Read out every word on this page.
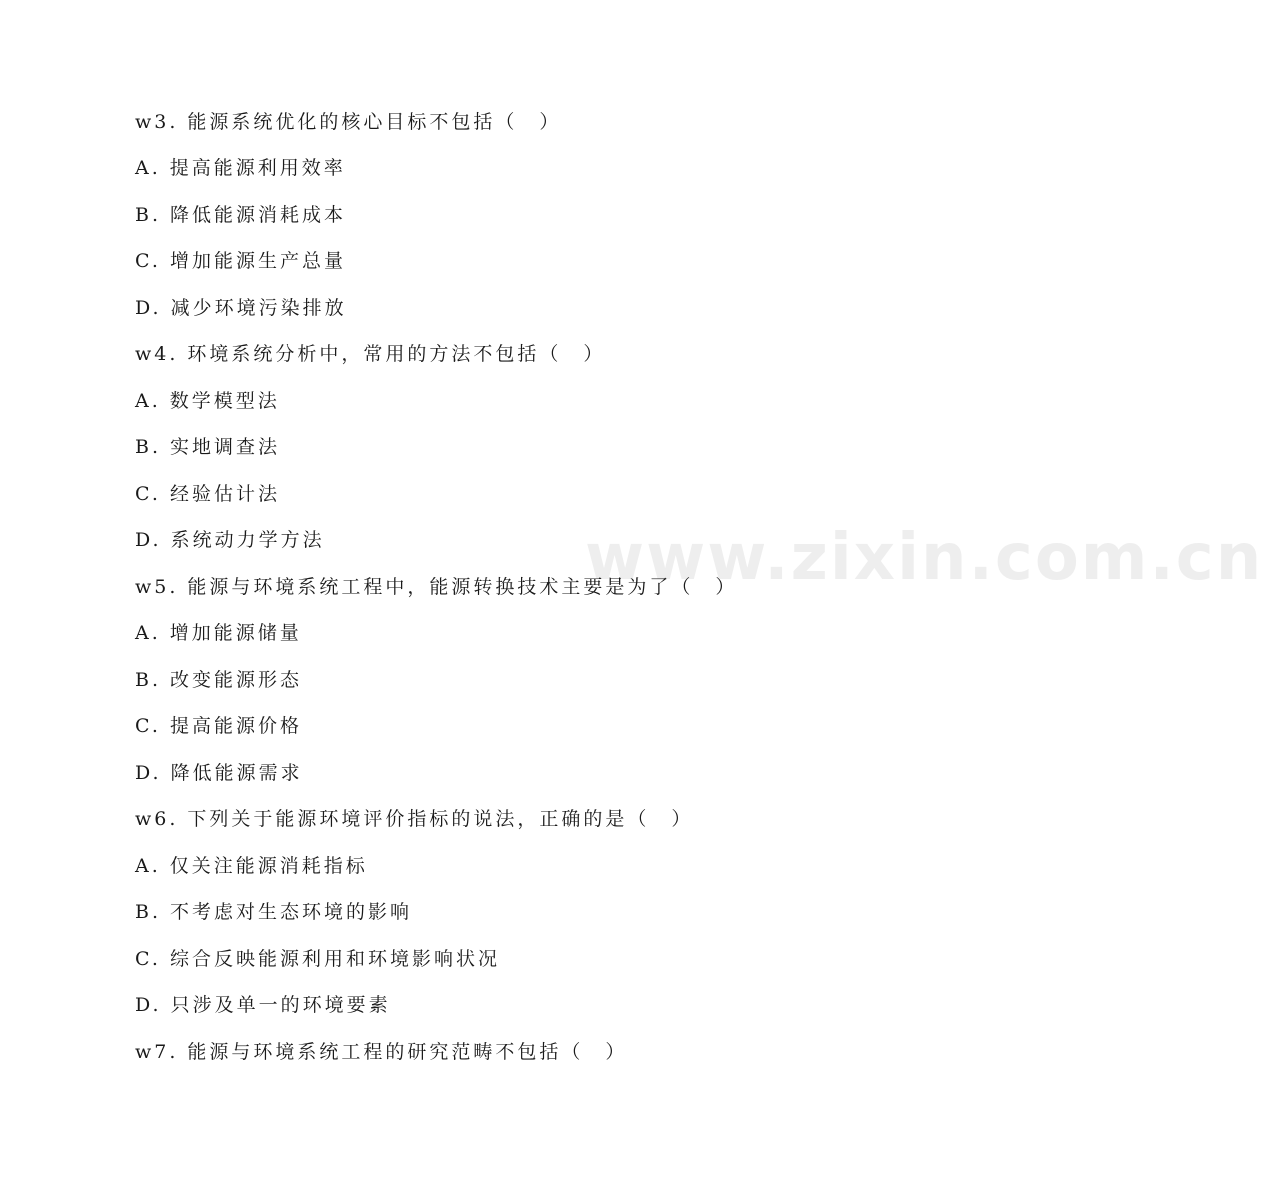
www.zixin.com.cn
w3. 能源系统优化的核心目标不包括（　）
A. 提高能源利用效率
B. 降低能源消耗成本
C. 增加能源生产总量
D. 减少环境污染排放
w4. 环境系统分析中，常用的方法不包括（　）
A. 数学模型法
B. 实地调查法
C. 经验估计法
D. 系统动力学方法
w5. 能源与环境系统工程中，能源转换技术主要是为了（　）
A. 增加能源储量
B. 改变能源形态
C. 提高能源价格
D. 降低能源需求
w6. 下列关于能源环境评价指标的说法，正确的是（　）
A. 仅关注能源消耗指标
B. 不考虑对生态环境的影响
C. 综合反映能源利用和环境影响状况
D. 只涉及单一的环境要素
w7. 能源与环境系统工程的研究范畴不包括（　）
